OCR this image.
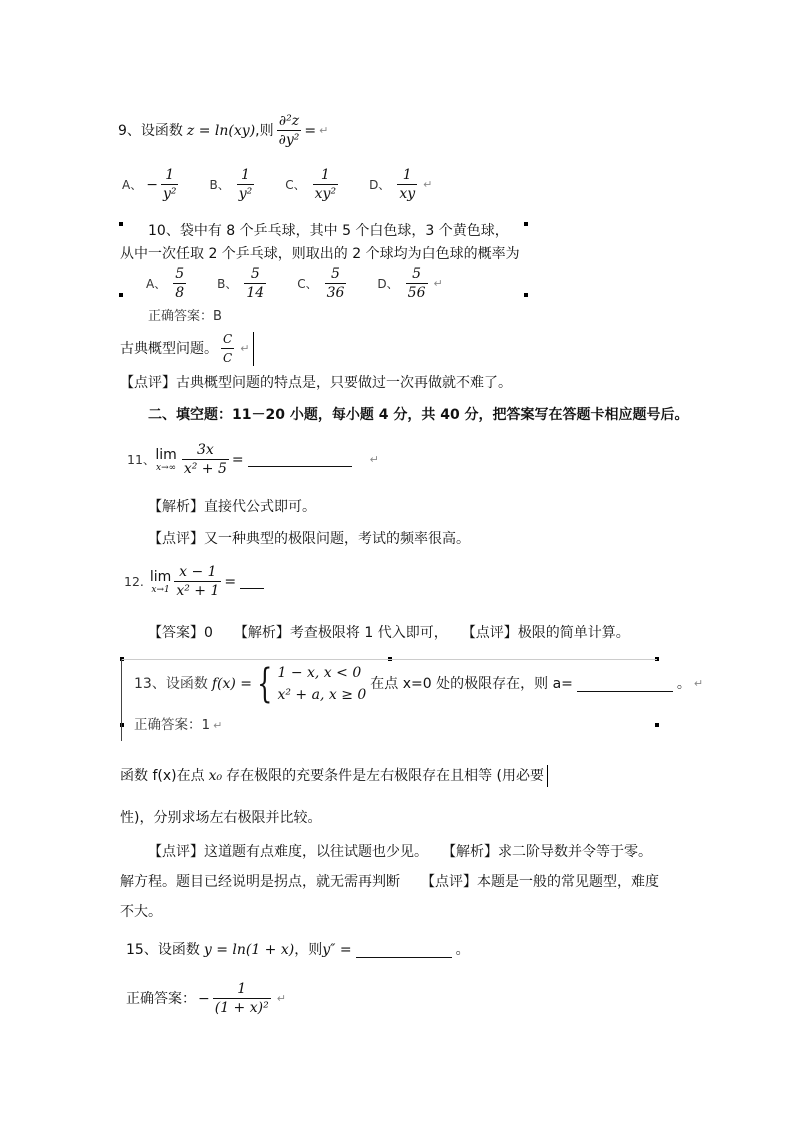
9、设函数 z = ln(xy) ,则 $\frac{\text{∂²z}}{\text{∂y²}}$ = ↵
A、 − $\frac{1}{\text{y²}}$	B、 $\frac{1}{\text{y²}}$	C、 $\frac{1}{\text{xy²}}$	D、 $\frac{1}{xy}$ ↵
10、袋中有 8 个乒乓球，其中 5 个白色球，3 个黄色球，
从中一次任取 2 个乒乓球，则取出的 2 个球均为白色球的概率为
A、 $\frac{5}{8}$	B、 $\frac{5}{14}$	C、 $\frac{5}{36}$	D、 $\frac{5}{56}$ ↵
正确答案：B
古典概型问题。 $\frac{C}{C}$ ↵
【点评】古典概型问题的特点是，只要做过一次再做就不难了。
二、填空题：11－20 小题，每小题 4 分，共 40 分，把答案写在答题卡相应题号后。
11、 lim
$x\to\infty \frac{3x}{\text{x² + 5}}$ =	↵
【解析】直接代公式即可。
【点评】又一种典型的极限问题，考试的频率很高。
12. lim
$x\to 1 \frac{x - 1}{\text{x² + 1}}$ =
【答案】0　　【解析】考查极限将 1 代入即可，　　【点评】极限的简单计算。
13、设函数 f(x) = { 1 − x, x < 0
x² + a, x ≥ 0
在点 x=0 处的极限存在，则 a=	。 ↵
正确答案：1 ↵
函数 f(x)在点 x₀ 存在极限的充要条件是左右极限存在且相等 (用必要
性)，分别求场左右极限并比较。
【点评】这道题有点难度，以往试题也少见。　　【解析】求二阶导数并令等于零。
解方程。题目已经说明是拐点，就无需再判断　　【点评】本题是一般的常见题型，难度
不大。
15、设函数 y = ln(1 + x) ，则 y″ =	。
正确答案： − $\frac{1}{\text{(1 + x)²}}$ ↵
